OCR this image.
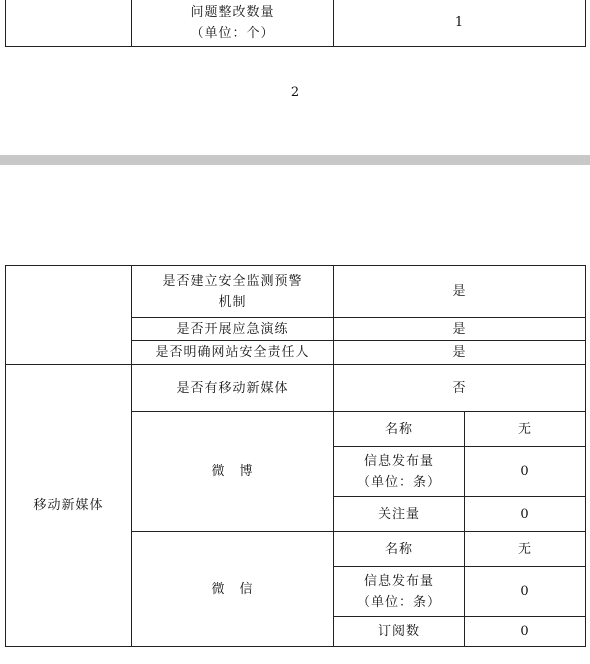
问题整改数量
（单位：个）
	1
2

	是否建立安全监测预警
机制	是	
	是否开展应急演练	是	
	是否明确网站安全责任人	是	
移动新媒体	是否有移动新媒体	否	
	微　博	名称	无

		信息发布量
（单位：条）	0
		关注量	0
	微　信	名称	无

		信息发布量
（单位：条）	0
		订阅数	0
